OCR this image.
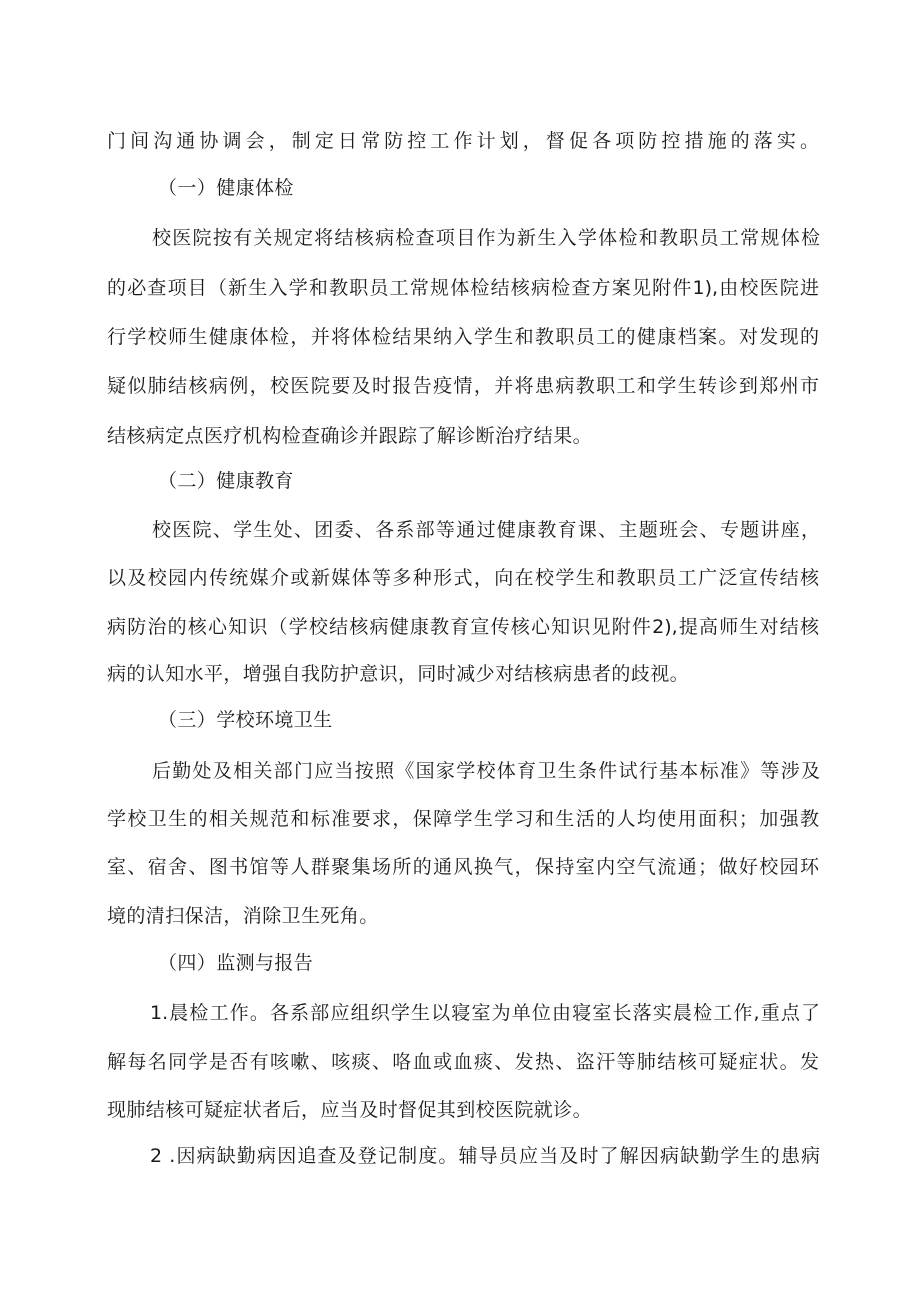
门间沟通协调会，制定日常防控工作计划，督促各项防控措施的落实。
（一）健康体检
校医院按有关规定将结核病检查项目作为新生入学体检和教职员工常规体检
的必查项目（新生入学和教职员工常规体检结核病检查方案见附件1),由校医院进
行学校师生健康体检，并将体检结果纳入学生和教职员工的健康档案。对发现的
疑似肺结核病例，校医院要及时报告疫情，并将患病教职工和学生转诊到郑州市
结核病定点医疗机构检查确诊并跟踪了解诊断治疗结果。
（二）健康教育
校医院、学生处、团委、各系部等通过健康教育课、主题班会、专题讲座，
以及校园内传统媒介或新媒体等多种形式，向在校学生和教职员工广泛宣传结核
病防治的核心知识（学校结核病健康教育宣传核心知识见附件2),提高师生对结核
病的认知水平，增强自我防护意识，同时减少对结核病患者的歧视。
（三）学校环境卫生
后勤处及相关部门应当按照《国家学校体育卫生条件试行基本标准》等涉及
学校卫生的相关规范和标准要求，保障学生学习和生活的人均使用面积；加强教
室、宿舍、图书馆等人群聚集场所的通风换气，保持室内空气流通；做好校园环
境的清扫保洁，消除卫生死角。
（四）监测与报告
1.晨检工作。各系部应组织学生以寝室为单位由寝室长落实晨检工作,重点了
解每名同学是否有咳嗽、咳痰、咯血或血痰、发热、盗汗等肺结核可疑症状。发
现肺结核可疑症状者后，应当及时督促其到校医院就诊。
2 .因病缺勤病因追查及登记制度。辅导员应当及时了解因病缺勤学生的患病
